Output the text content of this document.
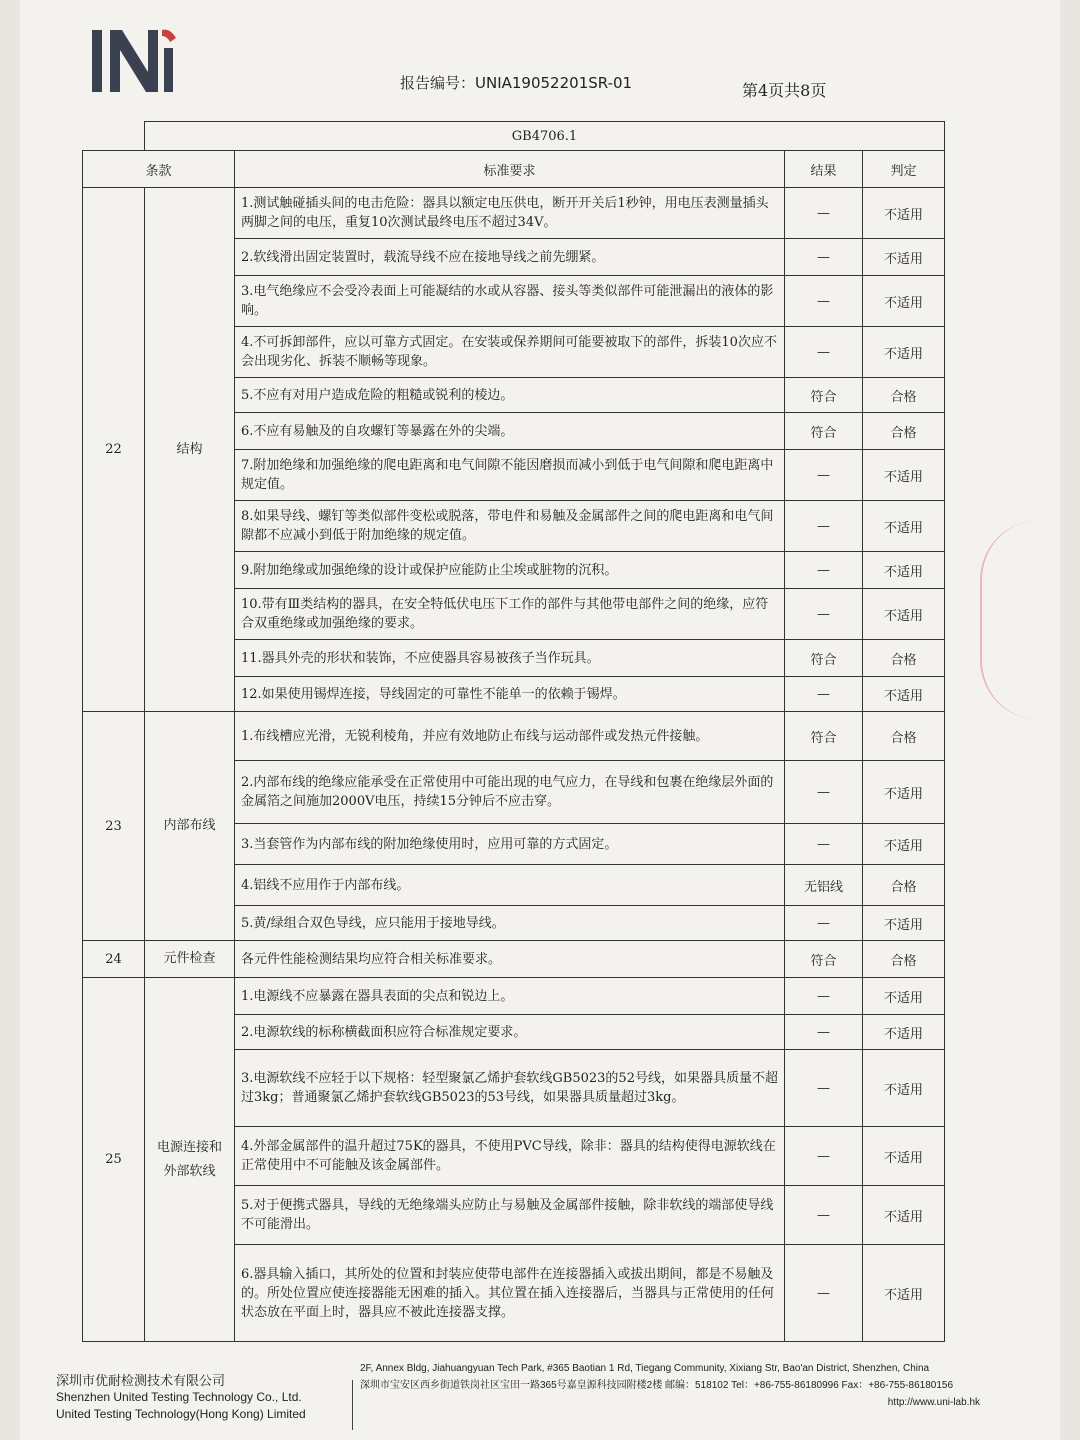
报告编号：UNIA19052201SR-01	第4页共8页
	GB4706.1			
条款		标准要求	结果	判定
22	结构	1.测试触碰插头间的电击危险：器具以额定电压供电，断开开关后1秒钟，用电压表测量插头两脚之间的电压，重复10次测试最终电压不超过34V。	—	不适用
		2.软线滑出固定装置时，载流导线不应在接地导线之前先绷紧。	—	不适用
		3.电气绝缘应不会受冷表面上可能凝结的水或从容器、接头等类似部件可能泄漏出的液体的影响。	—	不适用
		4.不可拆卸部件，应以可靠方式固定。在安装或保养期间可能要被取下的部件，拆装10次应不会出现劣化、拆装不顺畅等现象。	—	不适用
		5.不应有对用户造成危险的粗糙或锐利的棱边。	符合	合格
		6.不应有易触及的自攻螺钉等暴露在外的尖端。	符合	合格
		7.附加绝缘和加强绝缘的爬电距离和电气间隙不能因磨损而减小到低于电气间隙和爬电距离中规定值。	—	不适用
		8.如果导线、螺钉等类似部件变松或脱落，带电件和易触及金属部件之间的爬电距离和电气间隙都不应减小到低于附加绝缘的规定值。	—	不适用
		9.附加绝缘或加强绝缘的设计或保护应能防止尘埃或脏物的沉积。	—	不适用
		10.带有Ⅲ类结构的器具，在安全特低伏电压下工作的部件与其他带电部件之间的绝缘，应符合双重绝缘或加强绝缘的要求。	—	不适用
		11.器具外壳的形状和装饰，不应使器具容易被孩子当作玩具。	符合	合格
		12.如果使用锡焊连接，导线固定的可靠性不能单一的依赖于锡焊。	—	不适用
23	内部布线	1.布线槽应光滑，无锐利棱角，并应有效地防止布线与运动部件或发热元件接触。	符合	合格
		2.内部布线的绝缘应能承受在正常使用中可能出现的电气应力，在导线和包裹在绝缘层外面的金属箔之间施加2000V电压，持续15分钟后不应击穿。	—	不适用
		3.当套管作为内部布线的附加绝缘使用时，应用可靠的方式固定。	—	不适用
		4.铝线不应用作于内部布线。	无铝线	合格
		5.黄/绿组合双色导线，应只能用于接地导线。	—	不适用
24	元件检查	各元件性能检测结果均应符合相关标准要求。	符合	合格
25	电源连接和外部软线	1.电源线不应暴露在器具表面的尖点和锐边上。	—	不适用
		2.电源软线的标称横截面积应符合标准规定要求。	—	不适用
		3.电源软线不应轻于以下规格：轻型聚氯乙烯护套软线GB5023的52号线，如果器具质量不超过3kg；普通聚氯乙烯护套软线GB5023的53号线，如果器具质量超过3kg。	—	不适用
		4.外部金属部件的温升超过75K的器具，不使用PVC导线，除非：器具的结构使得电源软线在正常使用中不可能触及该金属部件。	—	不适用
		5.对于便携式器具，导线的无绝缘端头应防止与易触及金属部件接触，除非软线的端部使导线不可能滑出。	—	不适用
		6.器具输入插口，其所处的位置和封装应使带电部件在连接器插入或拔出期间，都是不易触及的。所处位置应使连接器能无困难的插入。其位置在插入连接器后，当器具与正常使用的任何状态放在平面上时，器具应不被此连接器支撑。	—	不适用
深圳市优耐检测技术有限公司
Shenzhen United Testing Technology Co., Ltd.
United Testing Technology(Hong Kong) Limited
2F, Annex Bldg, Jiahuangyuan Tech Park, #365 Baotian 1 Rd, Tiegang Community, Xixiang Str, Bao'an District, Shenzhen, China
深圳市宝安区西乡街道铁岗社区宝田一路365号嘉皇源科技园附楼2楼 邮编：518102 Tel：+86-755-86180996 Fax：+86-755-86180156
http://www.uni-lab.hk
